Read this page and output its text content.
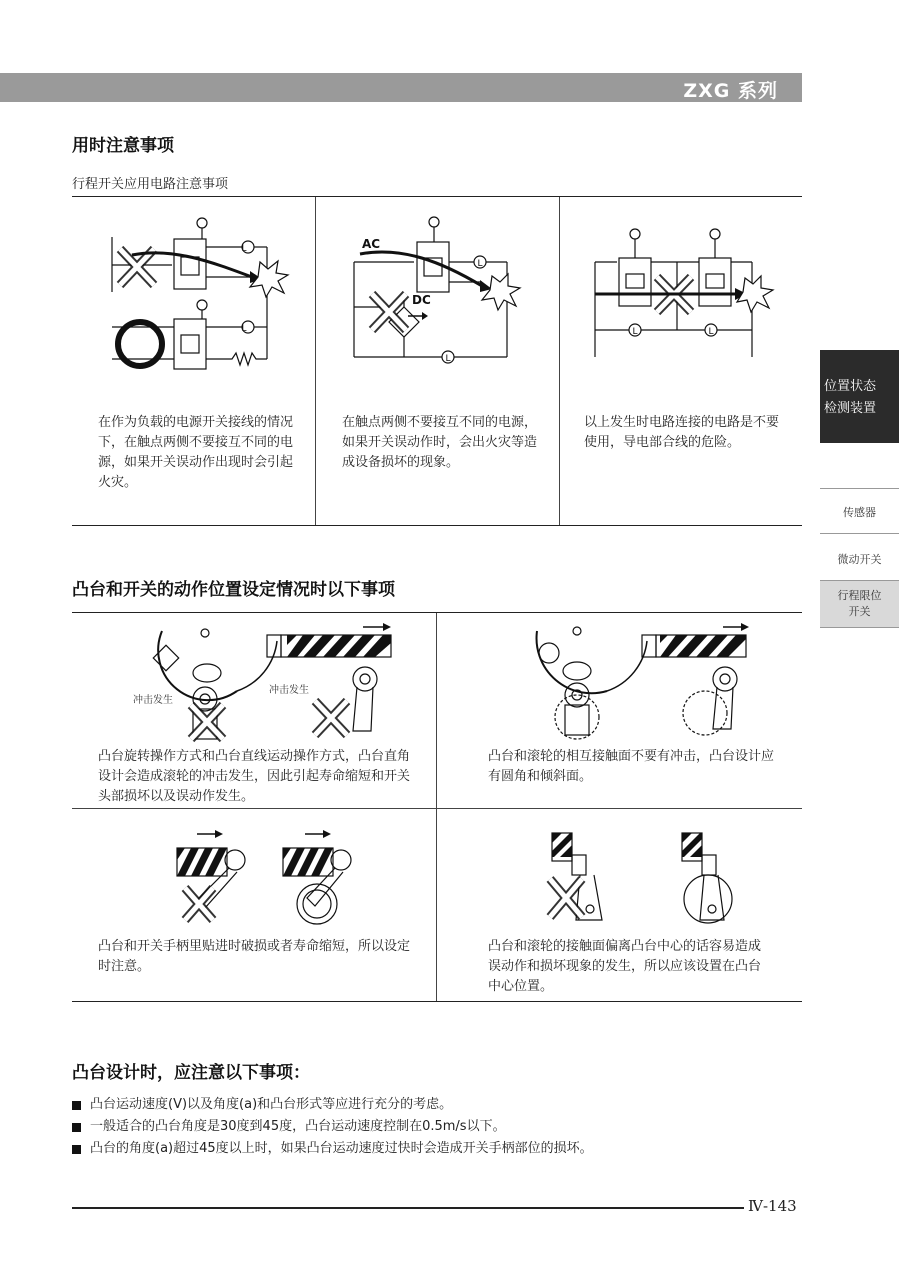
ZXG 系列
用时注意事项
行程开关应用电路注意事项
L
L
AC
DC
L
L
L	L
在作为负载的电源开关接线的情况下，在触点两侧不要接互不同的电源，如果开关误动作出现时会引起火灾。
在触点两侧不要接互不同的电源，如果开关误动作时，会出火灾等造成设备损坏的现象。
以上发生时电路连接的电路是不要使用，导电部合线的危险。
凸台和开关的动作位置设定情况时以下事项
冲击发生
冲击发生
凸台旋转操作方式和凸台直线运动操作方式，凸台直角设计会造成滚轮的冲击发生，因此引起寿命缩短和开关头部损坏以及误动作发生。
凸台和滚轮的相互接触面不要有冲击，凸台设计应有圆角和倾斜面。
凸台和开关手柄里贴进时破损或者寿命缩短，所以设定时注意。
凸台和滚轮的接触面偏离凸台中心的话容易造成误动作和损坏现象的发生，所以应该设置在凸台中心位置。
凸台设计时，应注意以下事项：
凸台运动速度(V)以及角度(a)和凸台形式等应进行充分的考虑。
一般适合的凸台角度是30度到45度，凸台运动速度控制在0.5m/s以下。
凸台的角度(a)超过45度以上时，如果凸台运动速度过快时会造成开关手柄部位的损坏。
位置状态
检测装置
传感器
微动开关
行程限位
开关
Ⅳ-143
